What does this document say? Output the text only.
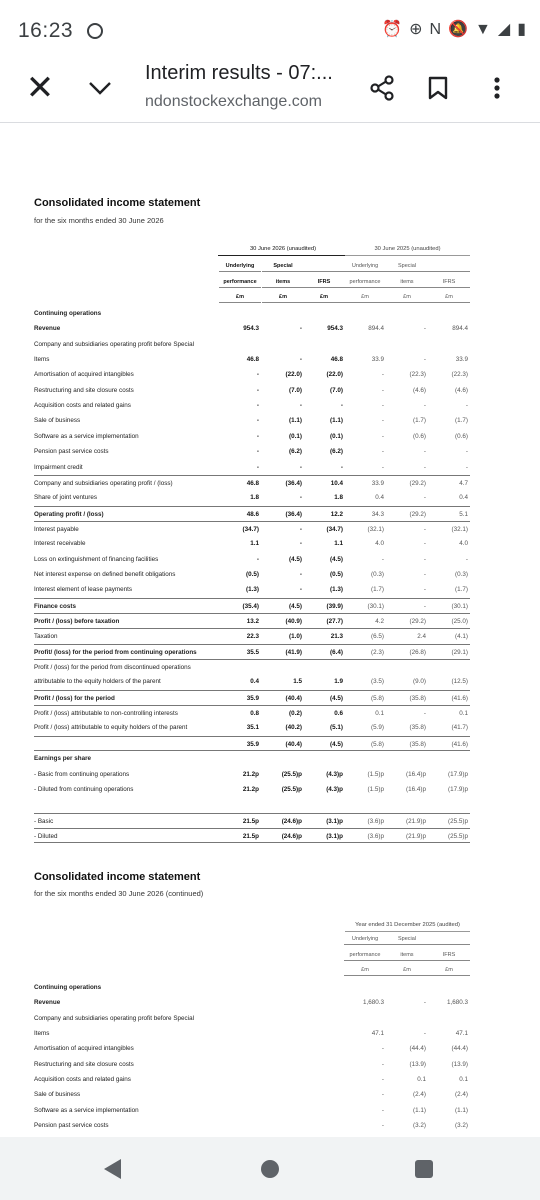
16:23	⏰ ⊕ N 🔕 ▼ ◢ ▮
✕	Interim results - 07:...
ndonstockexchange.com
Consolidated income statement
for the six months ended 30 June 2026
30 June 2026 (unaudited)	30 June 2025 (unaudited)
Underlying
performance
£m
Special
items
£m
IFRS
£m
Underlying
performance
£m
Special
items
£m
IFRS
£m
Continuing operations
Revenue	954.3	-	954.3	894.4	-	894.4
Company and subsidiaries operating profit before Special
Items	46.8	-	46.8	33.9	-	33.9
Amortisation of acquired intangibles	-	(22.0)	(22.0)	-	(22.3)	(22.3)
Restructuring and site closure costs	-	(7.0)	(7.0)	-	(4.6)	(4.6)
Acquisition costs and related gains	-	-	-	-	-	-
Sale of business	-	(1.1)	(1.1)	-	(1.7)	(1.7)
Software as a service implementation	-	(0.1)	(0.1)	-	(0.6)	(0.6)
Pension past service costs	-	(6.2)	(6.2)	-	-	-
Impairment credit	-	-	-	-	-	-
Company and subsidiaries operating profit / (loss)	46.8	(36.4)	10.4	33.9	(29.2)	4.7
Share of joint ventures	1.8	-	1.8	0.4	-	0.4
Operating profit / (loss)	48.6	(36.4)	12.2	34.3	(29.2)	5.1
Interest payable	(34.7)	-	(34.7)	(32.1)	-	(32.1)
Interest receivable	1.1	-	1.1	4.0	-	4.0
Loss on extinguishment of financing facilities	-	(4.5)	(4.5)	-	-	-
Net interest expense on defined benefit obligations	(0.5)	-	(0.5)	(0.3)	-	(0.3)
Interest element of lease payments	(1.3)	-	(1.3)	(1.7)	-	(1.7)
Finance costs	(35.4)	(4.5)	(39.9)	(30.1)	-	(30.1)
Profit / (loss) before taxation	13.2	(40.9)	(27.7)	4.2	(29.2)	(25.0)
Taxation	22.3	(1.0)	21.3	(6.5)	2.4	(4.1)
Profit/ (loss) for the period from continuing operations	35.5	(41.9)	(6.4)	(2.3)	(26.8)	(29.1)
Profit / (loss) for the period from discontinued operations
attributable to the equity holders of the parent	0.4	1.5	1.9	(3.5)	(9.0)	(12.5)
Profit / (loss) for the period	35.9	(40.4)	(4.5)	(5.8)	(35.8)	(41.6)
Profit / (loss) attributable to non-controlling interests	0.8	(0.2)	0.6	0.1	-	0.1
Profit / (loss) attributable to equity holders of the parent	35.1	(40.2)	(5.1)	(5.9)	(35.8)	(41.7)
35.9	(40.4)	(4.5)	(5.8)	(35.8)	(41.6)
Earnings per share
- Basic from continuing operations	21.2p	(25.5)p	(4.3)p	(1.5)p	(16.4)p	(17.9)p
- Diluted from continuing operations	21.2p	(25.5)p	(4.3)p	(1.5)p	(16.4)p	(17.9)p
- Basic	21.5p	(24.6)p	(3.1)p	(3.6)p	(21.9)p	(25.5)p
- Diluted	21.5p	(24.6)p	(3.1)p	(3.6)p	(21.9)p	(25.5)p
Consolidated income statement
for the six months ended 30 June 2026 (continued)
Year ended 31 December 2025 (audited)
Underlying
performance
£m
Special
items
£m
IFRS
£m
Continuing operations
Revenue	1,680.3	-	1,680.3
Company and subsidiaries operating profit before Special
Items	47.1	-	47.1
Amortisation of acquired intangibles	-	(44.4)	(44.4)
Restructuring and site closure costs	-	(13.9)	(13.9)
Acquisition costs and related gains	-	0.1	0.1
Sale of business	-	(2.4)	(2.4)
Software as a service implementation	-	(1.1)	(1.1)
Pension past service costs	-	(3.2)	(3.2)
